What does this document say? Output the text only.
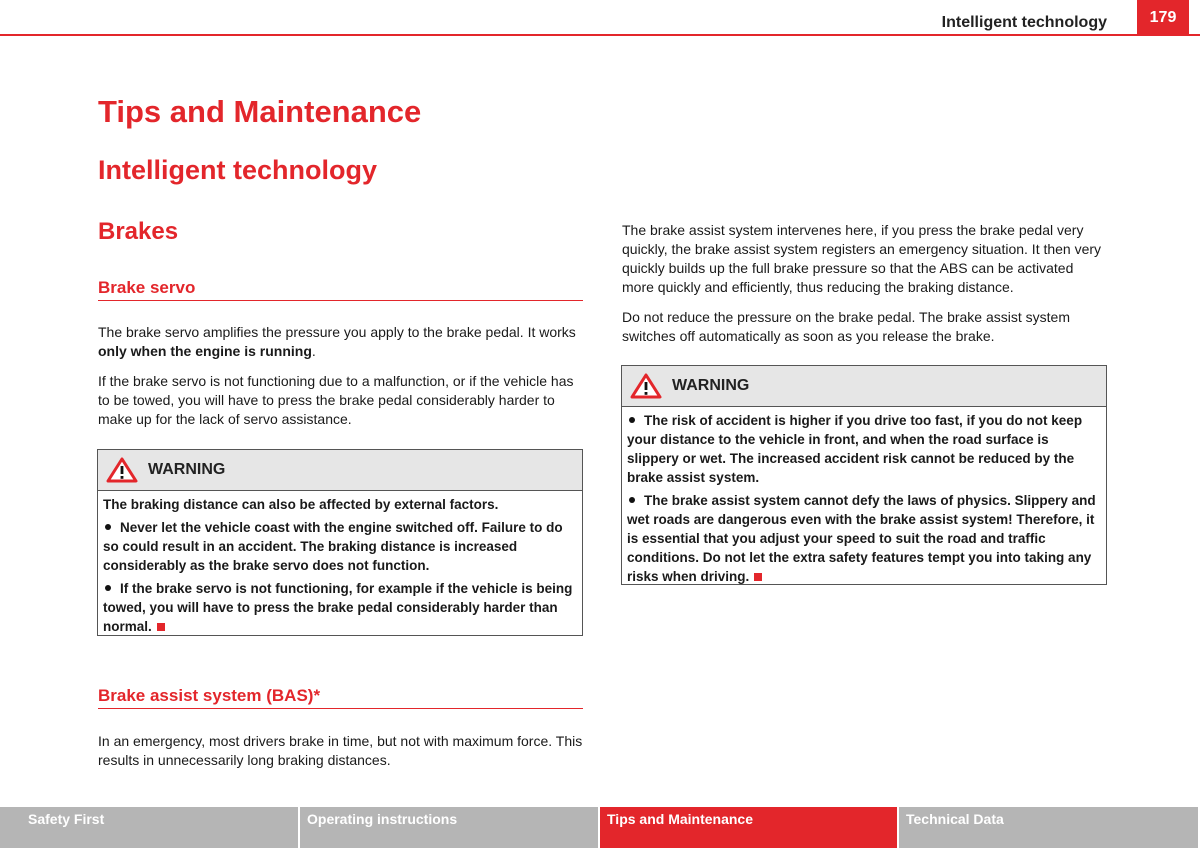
Intelligent technology	179
Tips and Maintenance
Intelligent technology
Brakes
Brake servo

The brake servo amplifies the pressure you apply to the brake pedal. It works only when the engine is running.

If the brake servo is not functioning due to a malfunction, or if the vehicle has to be towed, you will have to press the brake pedal considerably harder to make up for the lack of servo assistance.

WARNING

The braking distance can also be affected by external factors.

Never let the vehicle coast with the engine switched off. Failure to do so could result in an accident. The braking distance is increased considerably as the brake servo does not function.

If the brake servo is not functioning, for example if the vehicle is being towed, you will have to press the brake pedal considerably harder than normal.

Brake assist system (BAS)*

In an emergency, most drivers brake in time, but not with maximum force. This results in unnecessarily long braking distances.

The brake assist system intervenes here, if you press the brake pedal very quickly, the brake assist system registers an emergency situation. It then very quickly builds up the full brake pressure so that the ABS can be activated more quickly and efficiently, thus reducing the braking distance.

Do not reduce the pressure on the brake pedal. The brake assist system switches off automatically as soon as you release the brake.

WARNING

The risk of accident is higher if you drive too fast, if you do not keep your distance to the vehicle in front, and when the road surface is slippery or wet. The increased accident risk cannot be reduced by the brake assist system.

The brake assist system cannot defy the laws of physics. Slippery and wet roads are dangerous even with the brake assist system! Therefore, it is essential that you adjust your speed to suit the road and traffic conditions. Do not let the extra safety features tempt you into taking any risks when driving.

Safety First	Operating instructions	Tips and Maintenance	Technical Data
